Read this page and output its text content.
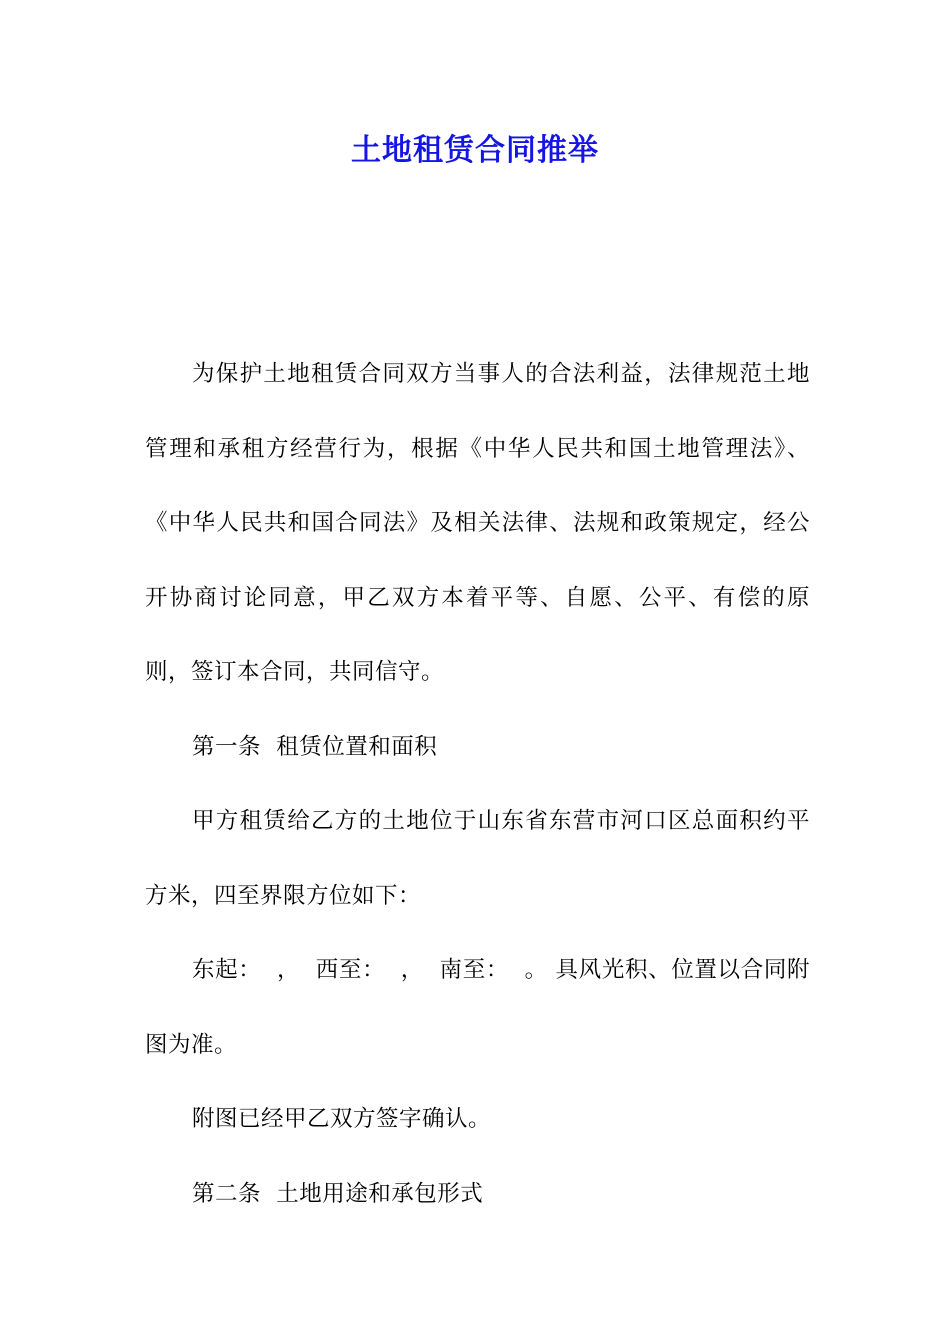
土地租赁合同推举

为保护土地租赁合同双方当事人的合法利益，法律规范土地管理和承租方经营行为，根据《中华人民共和国土地管理法》、《中华人民共和国合同法》及相关法律、法规和政策规定，经公开协商讨论同意，甲乙双方本着平等、自愿、公平、有偿的原则，签订本合同，共同信守。

第一条  租赁位置和面积

甲方租赁给乙方的土地位于山东省东营市河口区总面积约平方米，四至界限方位如下：

东起：  ，  西至：  ，  南至：  。 具风光积、位置以合同附图为准。

附图已经甲乙双方签字确认。

第二条  土地用途和承包形式
